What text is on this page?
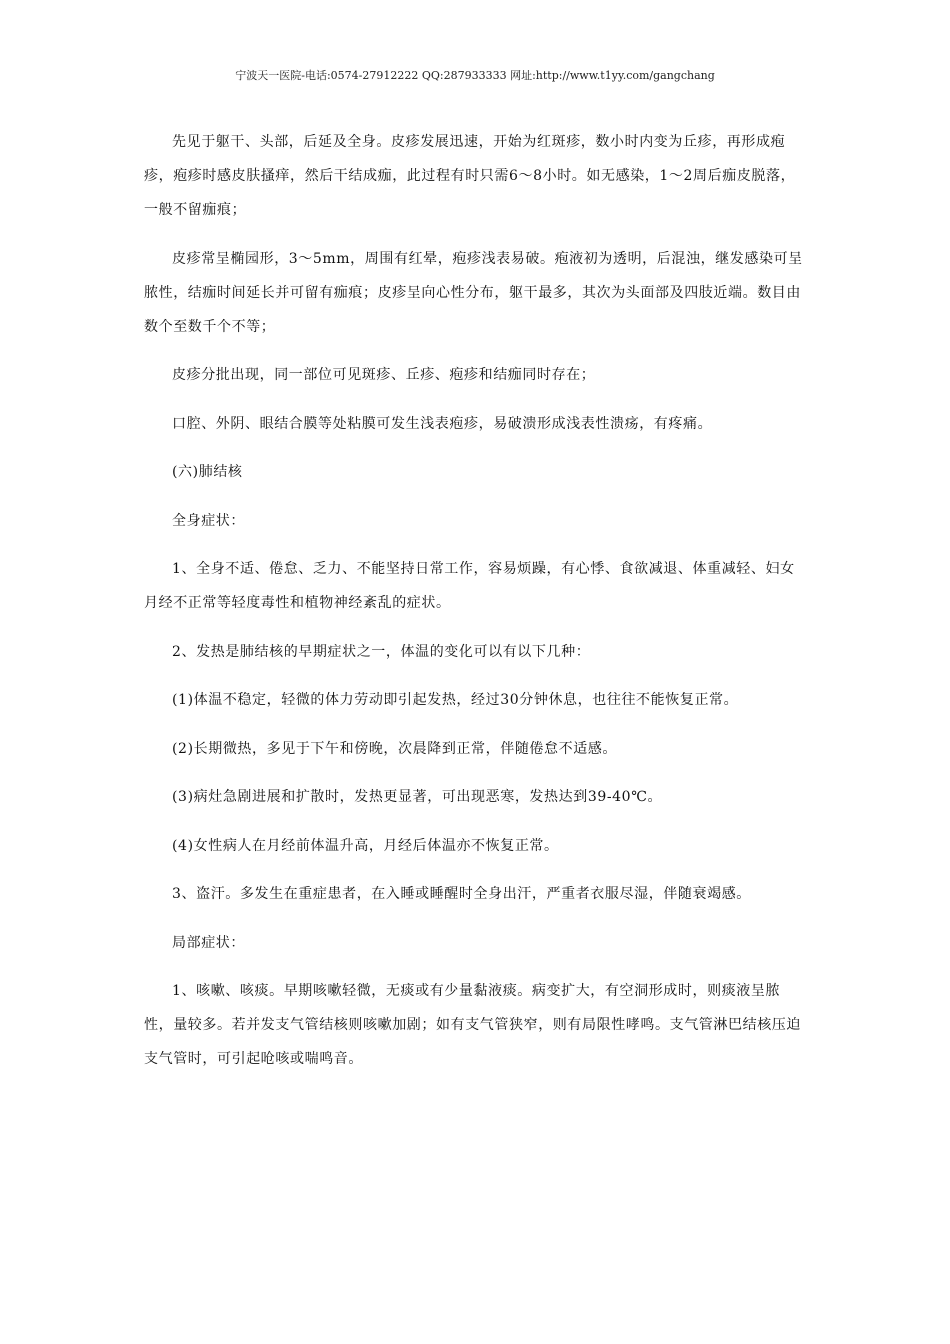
宁波天一医院-电话:0574-27912222 QQ:287933333 网址:http://www.t1yy.com/gangchang

先见于躯干、头部，后延及全身。皮疹发展迅速，开始为红斑疹，数小时内变为丘疹，再形成疱疹，疱疹时感皮肤搔痒，然后干结成痂，此过程有时只需6～8小时。如无感染，1～2周后痂皮脱落，一般不留痂痕；

皮疹常呈椭园形，3～5mm，周围有红晕，疱疹浅表易破。疱液初为透明，后混浊，继发感染可呈脓性，结痂时间延长并可留有痂痕；皮疹呈向心性分布，躯干最多，其次为头面部及四肢近端。数目由数个至数千个不等；

皮疹分批出现，同一部位可见斑疹、丘疹、疱疹和结痂同时存在；

口腔、外阴、眼结合膜等处粘膜可发生浅表疱疹，易破溃形成浅表性溃疡，有疼痛。

(六)肺结核

全身症状：

1、全身不适、倦怠、乏力、不能坚持日常工作，容易烦躁，有心悸、食欲减退、体重减轻、妇女月经不正常等轻度毒性和植物神经紊乱的症状。

2、发热是肺结核的早期症状之一，体温的变化可以有以下几种：

(1)体温不稳定，轻微的体力劳动即引起发热，经过30分钟休息，也往往不能恢复正常。

(2)长期微热，多见于下午和傍晚，次晨降到正常，伴随倦怠不适感。

(3)病灶急剧进展和扩散时，发热更显著，可出现恶寒，发热达到39-40℃。

(4)女性病人在月经前体温升高，月经后体温亦不恢复正常。

3、盗汗。多发生在重症患者，在入睡或睡醒时全身出汗，严重者衣服尽湿，伴随衰竭感。

局部症状：

1、咳嗽、咳痰。早期咳嗽轻微，无痰或有少量黏液痰。病变扩大，有空洞形成时，则痰液呈脓性，量较多。若并发支气管结核则咳嗽加剧；如有支气管狭窄，则有局限性哮鸣。支气管淋巴结核压迫支气管时，可引起呛咳或喘鸣音。
